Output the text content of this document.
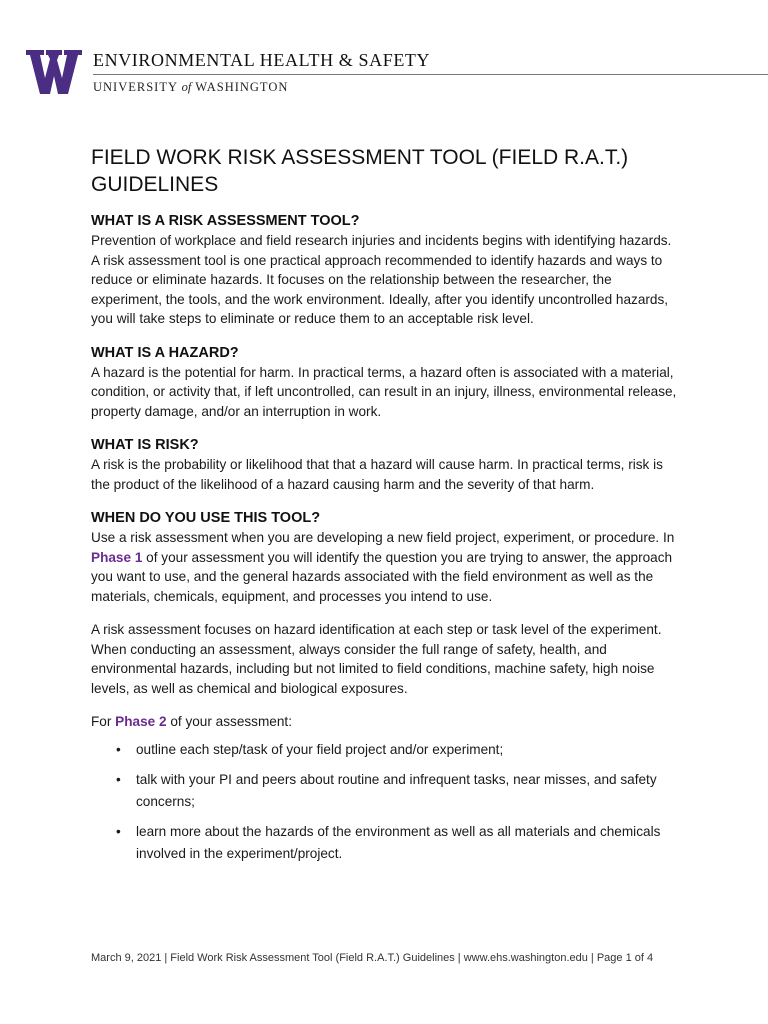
ENVIRONMENTAL HEALTH & SAFETY
UNIVERSITY of WASHINGTON
FIELD WORK RISK ASSESSMENT TOOL (FIELD R.A.T.)
GUIDELINES
WHAT IS A RISK ASSESSMENT TOOL?

Prevention of workplace and field research injuries and incidents begins with identifying hazards. A risk assessment tool is one practical approach recommended to identify hazards and ways to reduce or eliminate hazards. It focuses on the relationship between the researcher, the experiment, the tools, and the work environment. Ideally, after you identify uncontrolled hazards, you will take steps to eliminate or reduce them to an acceptable risk level.

WHAT IS A HAZARD?

A hazard is the potential for harm. In practical terms, a hazard often is associated with a material, condition, or activity that, if left uncontrolled, can result in an injury, illness, environmental release, property damage, and/or an interruption in work.

WHAT IS RISK?

A risk is the probability or likelihood that that a hazard will cause harm. In practical terms, risk is the product of the likelihood of a hazard causing harm and the severity of that harm.

WHEN DO YOU USE THIS TOOL?

Use a risk assessment when you are developing a new field project, experiment, or procedure. In Phase 1 of your assessment you will identify the question you are trying to answer, the approach you want to use, and the general hazards associated with the field environment as well as the materials, chemicals, equipment, and processes you intend to use.

A risk assessment focuses on hazard identification at each step or task level of the experiment. When conducting an assessment, always consider the full range of safety, health, and environmental hazards, including but not limited to field conditions, machine safety, high noise levels, as well as chemical and biological exposures.

For Phase 2 of your assessment:

• outline each step/task of your field project and/or experiment;
• talk with your PI and peers about routine and infrequent tasks, near misses, and safety concerns;
• learn more about the hazards of the environment as well as all materials and chemicals involved in the experiment/project.
March 9, 2021 | Field Work Risk Assessment Tool (Field R.A.T.) Guidelines | www.ehs.washington.edu | Page 1 of 4
